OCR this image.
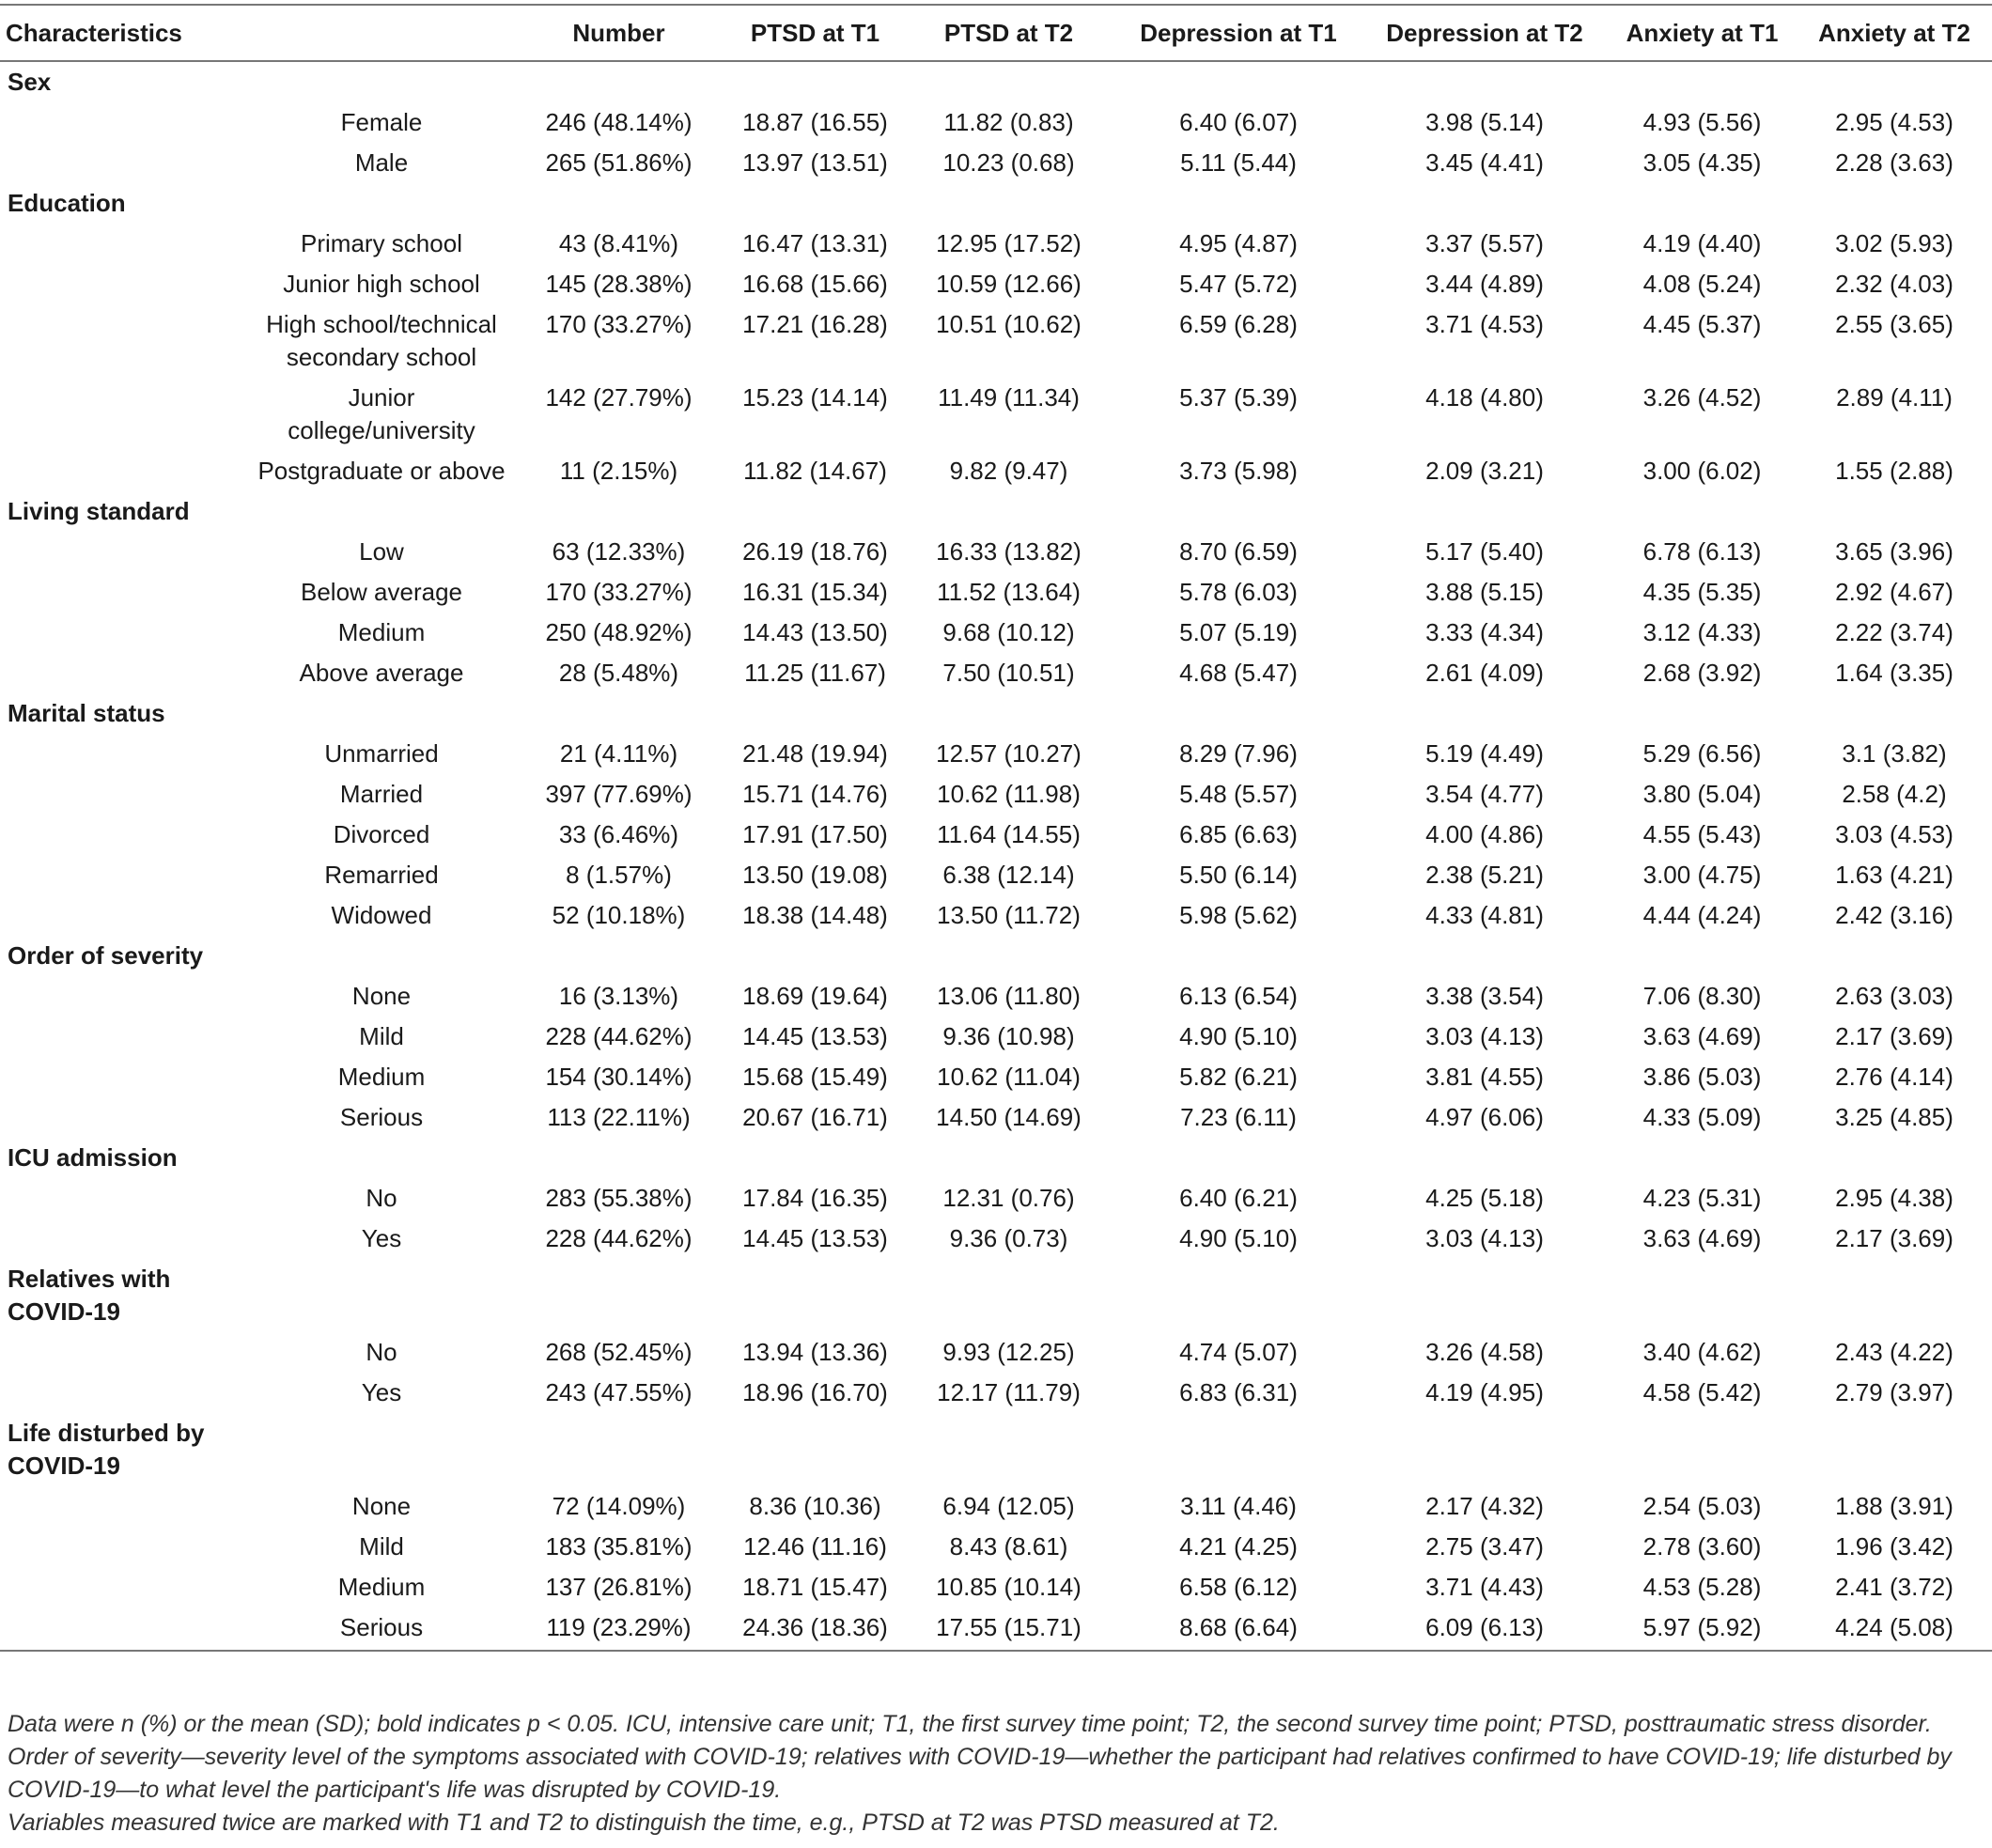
Characteristics		Number	PTSD at T1	PTSD at T2	Depression at T1	Depression at T2	Anxiety at T1	Anxiety at T2
Sex								
	Female	246 (48.14%)	18.87 (16.55)	11.82 (0.83)	6.40 (6.07)	3.98 (5.14)	4.93 (5.56)	2.95 (4.53)
	Male	265 (51.86%)	13.97 (13.51)	10.23 (0.68)	5.11 (5.44)	3.45 (4.41)	3.05 (4.35)	2.28 (3.63)
Education								
	Primary school	43 (8.41%)	16.47 (13.31)	12.95 (17.52)	4.95 (4.87)	3.37 (5.57)	4.19 (4.40)	3.02 (5.93)
	Junior high school	145 (28.38%)	16.68 (15.66)	10.59 (12.66)	5.47 (5.72)	3.44 (4.89)	4.08 (5.24)	2.32 (4.03)
	High school/technical secondary school	170 (33.27%)	17.21 (16.28)	10.51 (10.62)	6.59 (6.28)	3.71 (4.53)	4.45 (5.37)	2.55 (3.65)
	Junior college/university	142 (27.79%)	15.23 (14.14)	11.49 (11.34)	5.37 (5.39)	4.18 (4.80)	3.26 (4.52)	2.89 (4.11)
	Postgraduate or above	11 (2.15%)	11.82 (14.67)	9.82 (9.47)	3.73 (5.98)	2.09 (3.21)	3.00 (6.02)	1.55 (2.88)
Living standard								
	Low	63 (12.33%)	26.19 (18.76)	16.33 (13.82)	8.70 (6.59)	5.17 (5.40)	6.78 (6.13)	3.65 (3.96)
	Below average	170 (33.27%)	16.31 (15.34)	11.52 (13.64)	5.78 (6.03)	3.88 (5.15)	4.35 (5.35)	2.92 (4.67)
	Medium	250 (48.92%)	14.43 (13.50)	9.68 (10.12)	5.07 (5.19)	3.33 (4.34)	3.12 (4.33)	2.22 (3.74)
	Above average	28 (5.48%)	11.25 (11.67)	7.50 (10.51)	4.68 (5.47)	2.61 (4.09)	2.68 (3.92)	1.64 (3.35)
Marital status								
	Unmarried	21 (4.11%)	21.48 (19.94)	12.57 (10.27)	8.29 (7.96)	5.19 (4.49)	5.29 (6.56)	3.1 (3.82)
	Married	397 (77.69%)	15.71 (14.76)	10.62 (11.98)	5.48 (5.57)	3.54 (4.77)	3.80 (5.04)	2.58 (4.2)
	Divorced	33 (6.46%)	17.91 (17.50)	11.64 (14.55)	6.85 (6.63)	4.00 (4.86)	4.55 (5.43)	3.03 (4.53)
	Remarried	8 (1.57%)	13.50 (19.08)	6.38 (12.14)	5.50 (6.14)	2.38 (5.21)	3.00 (4.75)	1.63 (4.21)
	Widowed	52 (10.18%)	18.38 (14.48)	13.50 (11.72)	5.98 (5.62)	4.33 (4.81)	4.44 (4.24)	2.42 (3.16)
Order of severity								
	None	16 (3.13%)	18.69 (19.64)	13.06 (11.80)	6.13 (6.54)	3.38 (3.54)	7.06 (8.30)	2.63 (3.03)
	Mild	228 (44.62%)	14.45 (13.53)	9.36 (10.98)	4.90 (5.10)	3.03 (4.13)	3.63 (4.69)	2.17 (3.69)
	Medium	154 (30.14%)	15.68 (15.49)	10.62 (11.04)	5.82 (6.21)	3.81 (4.55)	3.86 (5.03)	2.76 (4.14)
	Serious	113 (22.11%)	20.67 (16.71)	14.50 (14.69)	7.23 (6.11)	4.97 (6.06)	4.33 (5.09)	3.25 (4.85)
ICU admission								
	No	283 (55.38%)	17.84 (16.35)	12.31 (0.76)	6.40 (6.21)	4.25 (5.18)	4.23 (5.31)	2.95 (4.38)
	Yes	228 (44.62%)	14.45 (13.53)	9.36 (0.73)	4.90 (5.10)	3.03 (4.13)	3.63 (4.69)	2.17 (3.69)
Relatives with COVID-19								
	No	268 (52.45%)	13.94 (13.36)	9.93 (12.25)	4.74 (5.07)	3.26 (4.58)	3.40 (4.62)	2.43 (4.22)
	Yes	243 (47.55%)	18.96 (16.70)	12.17 (11.79)	6.83 (6.31)	4.19 (4.95)	4.58 (5.42)	2.79 (3.97)
Life disturbed by COVID-19								
	None	72 (14.09%)	8.36 (10.36)	6.94 (12.05)	3.11 (4.46)	2.17 (4.32)	2.54 (5.03)	1.88 (3.91)
	Mild	183 (35.81%)	12.46 (11.16)	8.43 (8.61)	4.21 (4.25)	2.75 (3.47)	2.78 (3.60)	1.96 (3.42)
	Medium	137 (26.81%)	18.71 (15.47)	10.85 (10.14)	6.58 (6.12)	3.71 (4.43)	4.53 (5.28)	2.41 (3.72)
	Serious	119 (23.29%)	24.36 (18.36)	17.55 (15.71)	8.68 (6.64)	6.09 (6.13)	5.97 (5.92)	4.24 (5.08)
Data were n (%) or the mean (SD); bold indicates p < 0.05. ICU, intensive care unit; T1, the first survey time point; T2, the second survey time point; PTSD, posttraumatic stress disorder. Order of severity—severity level of the symptoms associated with COVID-19; relatives with COVID-19—whether the participant had relatives confirmed to have COVID-19; life disturbed by COVID-19—to what level the participant's life was disrupted by COVID-19.
Variables measured twice are marked with T1 and T2 to distinguish the time, e.g., PTSD at T2 was PTSD measured at T2.
